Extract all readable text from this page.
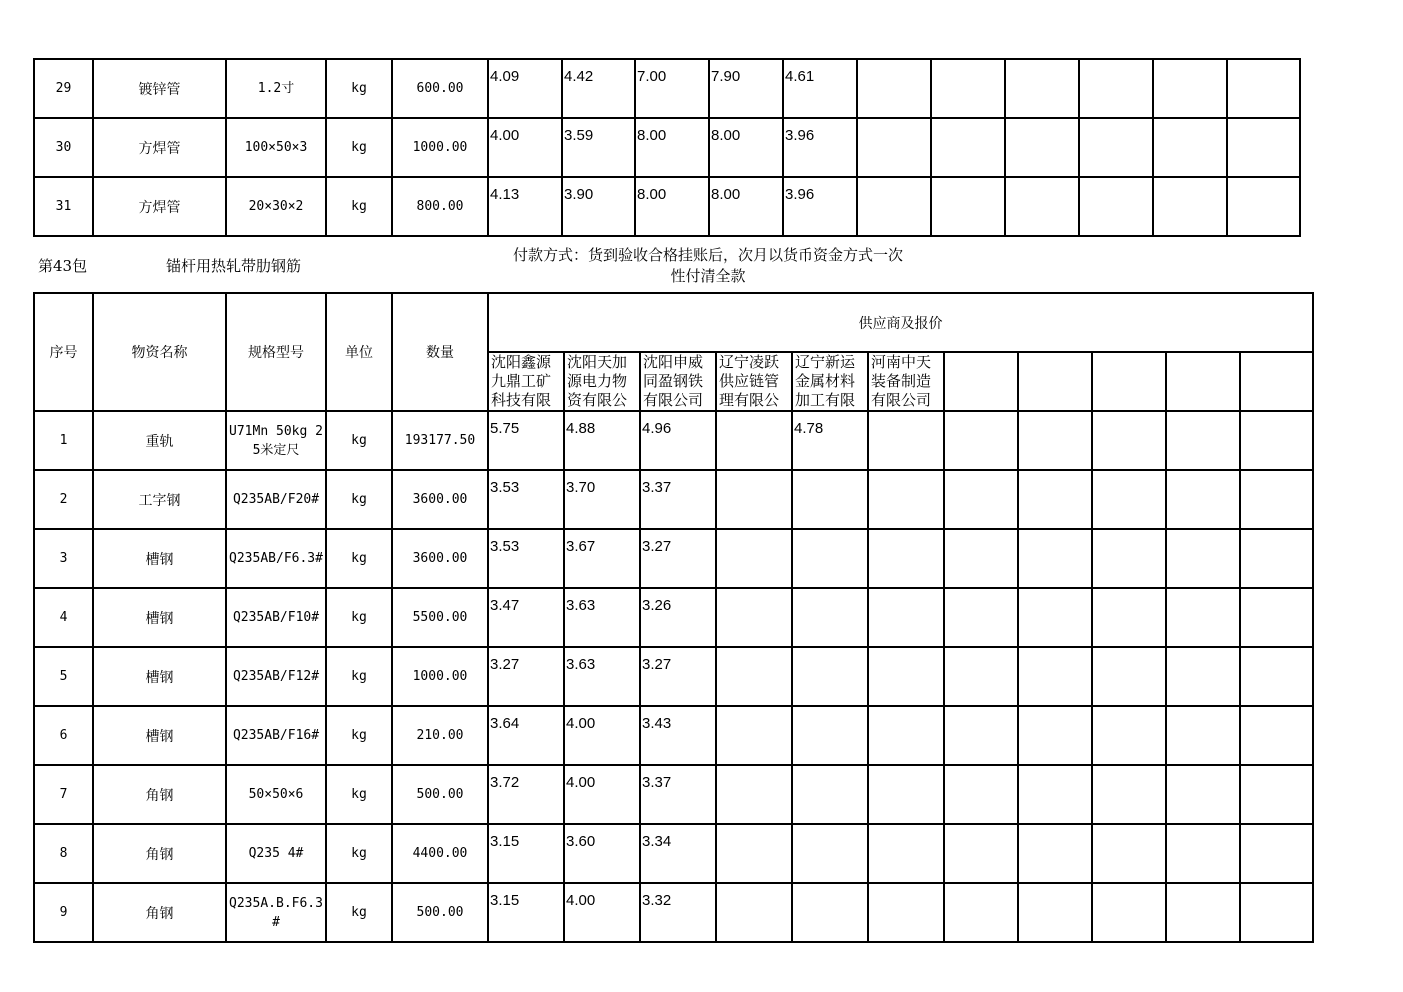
29	镀锌管	1.2寸	kg	600.00	4.09	4.42	7.00	7.90	4.61						
30	方焊管	100×50×3	kg	1000.00	4.00	3.59	8.00	8.00	3.96						
31	方焊管	20×30×2	kg	800.00	4.13	3.90	8.00	8.00	3.96						
第43包	锚杆用热轧带肋钢筋
付款方式：货到验收合格挂账后，次月以货币资金方式一次
性付清全款
序号	物资名称	规格型号	单位	数量	供应商及报价										

					沈阳鑫源九鼎工矿科技有限	沈阳天加源电力物资有限公	沈阳申威同盈钢铁有限公司	辽宁凌跃供应链管理有限公	辽宁新运金属材料加工有限	河南中天装备制造有限公司					

1	重轨	U71Mn 50kg 25米定尺	kg	193177.50	5.75	4.88	4.96		4.78						
2	工字钢	Q235AB/F20#	kg	3600.00	3.53	3.70	3.37								
3	槽钢	Q235AB/F6.3#	kg	3600.00	3.53	3.67	3.27								
4	槽钢	Q235AB/F10#	kg	5500.00	3.47	3.63	3.26								
5	槽钢	Q235AB/F12#	kg	1000.00	3.27	3.63	3.27								
6	槽钢	Q235AB/F16#	kg	210.00	3.64	4.00	3.43								
7	角钢	50×50×6	kg	500.00	3.72	4.00	3.37								
8	角钢	Q235 4#	kg	4400.00	3.15	3.60	3.34								
9	角钢	Q235A.B.F6.3#	kg	500.00	3.15	4.00	3.32								
